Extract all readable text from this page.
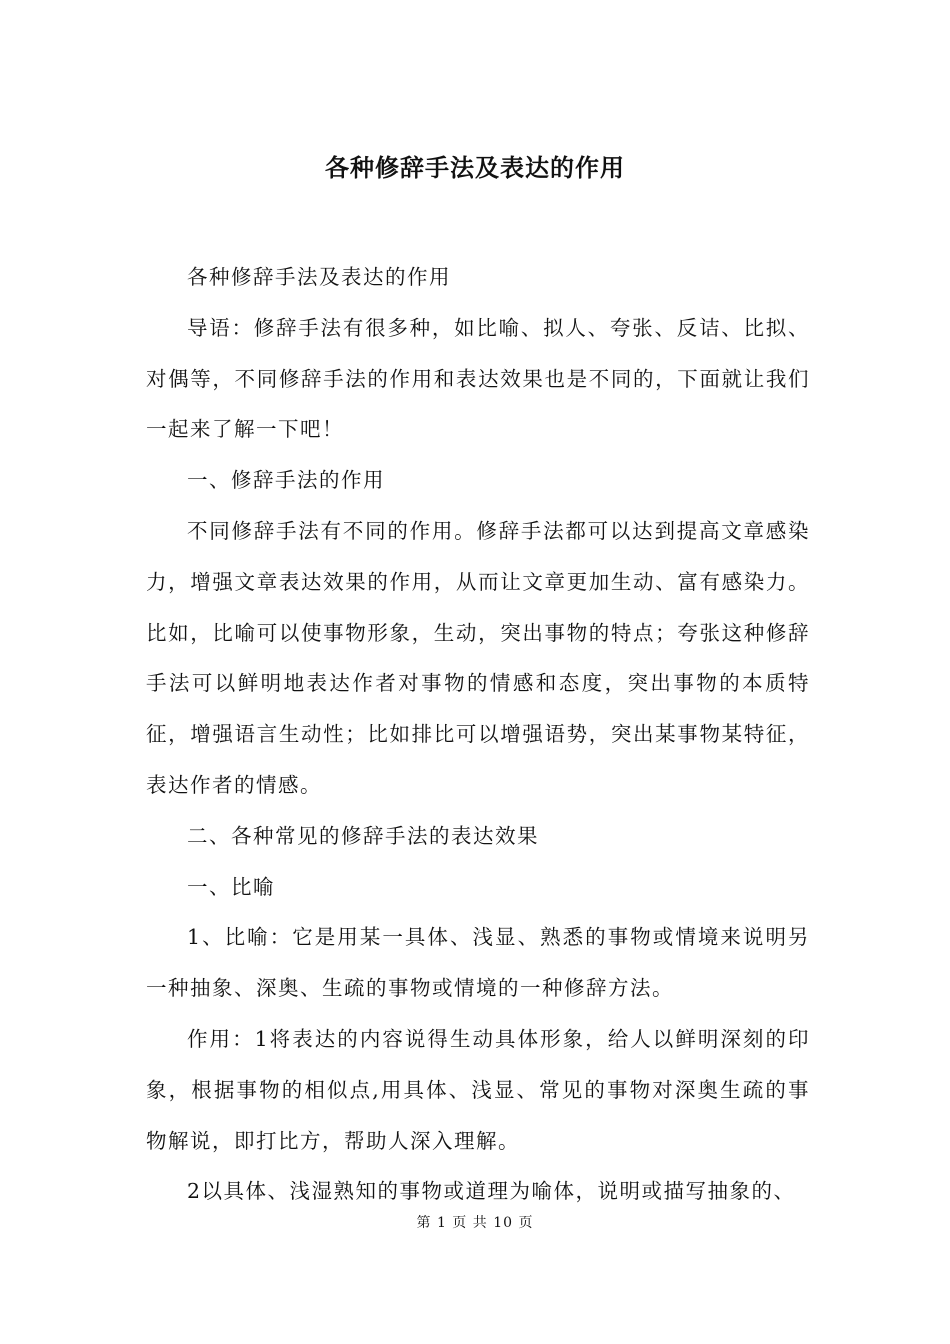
各种修辞手法及表达的作用

各种修辞手法及表达的作用

导语：修辞手法有很多种，如比喻、拟人、夸张、反诘、比拟、对偶等，不同修辞手法的作用和表达效果也是不同的，下面就让我们一起来了解一下吧！

一、修辞手法的作用

不同修辞手法有不同的作用。修辞手法都可以达到提高文章感染力，增强文章表达效果的作用，从而让文章更加生动、富有感染力。比如，比喻可以使事物形象，生动，突出事物的特点；夸张这种修辞手法可以鲜明地表达作者对事物的情感和态度，突出事物的本质特征，增强语言生动性；比如排比可以增强语势，突出某事物某特征，表达作者的情感。

二、各种常见的修辞手法的表达效果

一、比喻

1、比喻：它是用某一具体、浅显、熟悉的事物或情境来说明另一种抽象、深奥、生疏的事物或情境的一种修辞方法。

作用：1将表达的内容说得生动具体形象，给人以鲜明深刻的印象，根据事物的相似点,用具体、浅显、常见的事物对深奥生疏的事物解说，即打比方，帮助人深入理解。

2以具体、浅湿熟知的事物或道理为喻体，说明或描写抽象的、

第 1 页 共 10 页
